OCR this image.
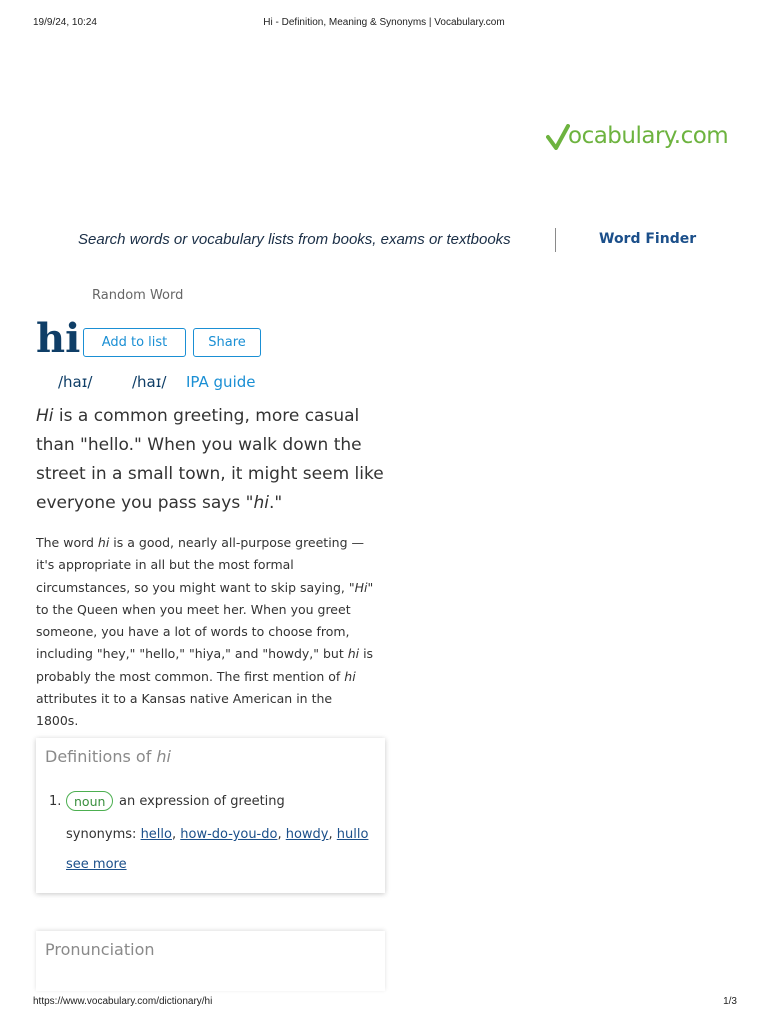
19/9/24, 10:24	Hi - Definition, Meaning & Synonyms | Vocabulary.com
ocabulary.com
Search words or vocabulary lists from books, exams or textbooks
Word Finder
Random Word
hi	Add to list	Share
/haɪ/	/haɪ/ IPA guide

Hi is a common greeting, more casual than "hello." When you walk down the street in a small town, it might seem like everyone you pass says "hi."

The word hi is a good, nearly all-purpose greeting — it's appropriate in all but the most formal circumstances, so you might want to skip saying, "Hi" to the Queen when you meet her. When you greet someone, you have a lot of words to choose from, including "hey," "hello," "hiya," and "howdy," but hi is probably the most common. The first mention of hi attributes it to a Kansas native American in the 1800s.

Definitions of hi
1.	noun	an expression of greeting
synonyms: hello, how-do-you-do, howdy, hullo
see more
Pronunciation
https://www.vocabulary.com/dictionary/hi	1/3
